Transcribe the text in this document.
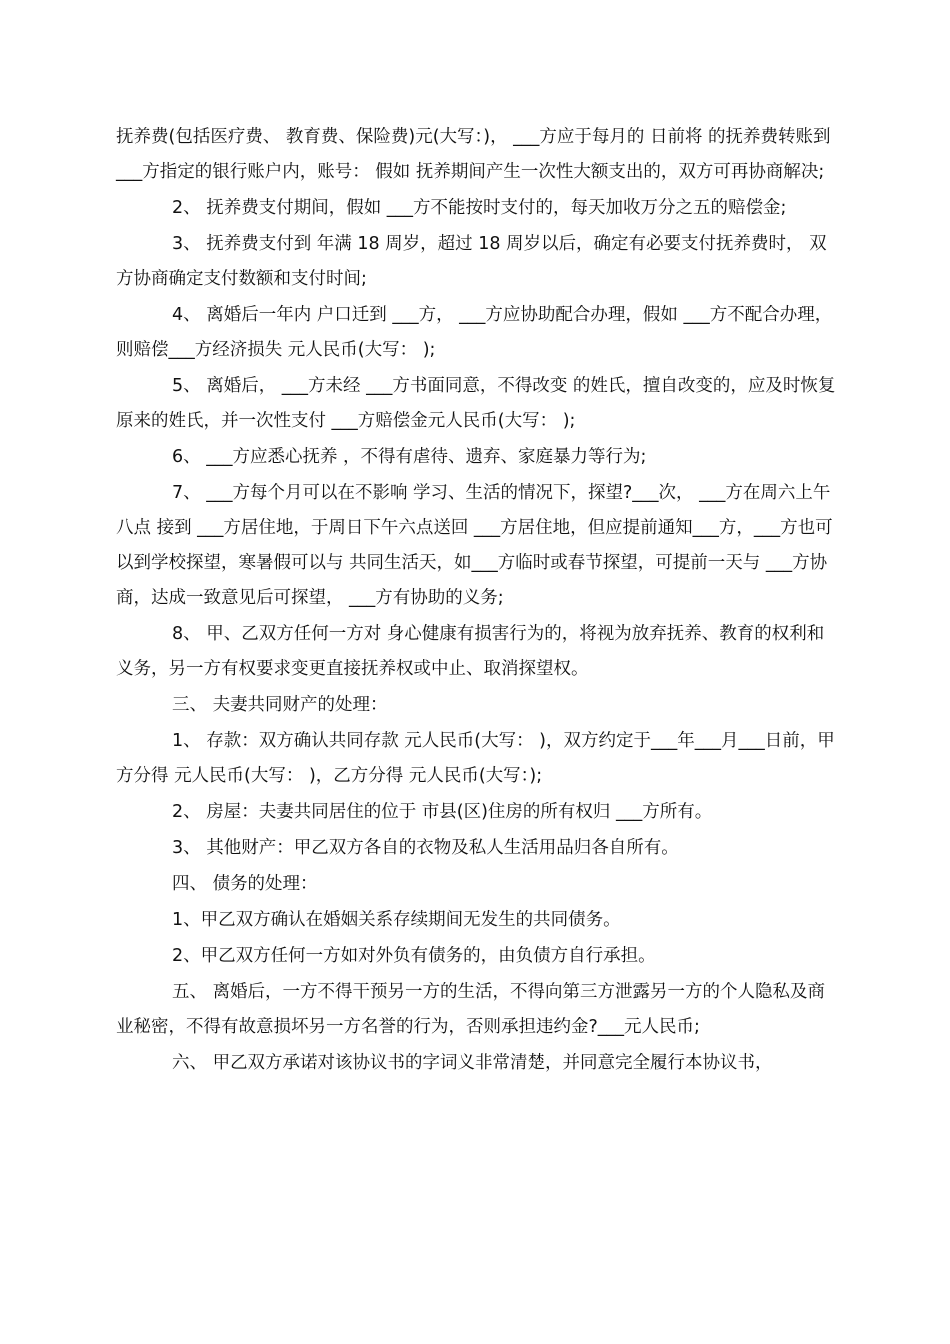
抚养费(包括医疗费、 教育费、保险费)元(大写：)， ___方应于每月的 日前将 的抚养费转账到___方指定的银行账户内，账号： 假如 抚养期间产生一次性大额支出的，双方可再协商解决;

2、 抚养费支付期间，假如 ___方不能按时支付的，每天加收万分之五的赔偿金;

3、 抚养费支付到 年满 18 周岁，超过 18 周岁以后，确定有必要支付抚养费时， 双方协商确定支付数额和支付时间;

4、 离婚后一年内 户口迁到 ___方， ___方应协助配合办理，假如 ___方不配合办理，则赔偿___方经济损失 元人民币(大写： );

5、 离婚后， ___方未经 ___方书面同意，不得改变 的姓氏，擅自改变的，应及时恢复原来的姓氏，并一次性支付 ___方赔偿金元人民币(大写： );

6、 ___方应悉心抚养 ，不得有虐待、遗弃、家庭暴力等行为;

7、 ___方每个月可以在不影响 学习、生活的情况下，探望?___次， ___方在周六上午八点 接到 ___方居住地，于周日下午六点送回 ___方居住地，但应提前通知___方，___方也可以到学校探望，寒暑假可以与 共同生活天，如___方临时或春节探望，可提前一天与 ___方协商，达成一致意见后可探望， ___方有协助的义务;

8、 甲、乙双方任何一方对 身心健康有损害行为的，将视为放弃抚养、教育的权利和义务，另一方有权要求变更直接抚养权或中止、取消探望权。

三、 夫妻共同财产的处理：

1、 存款：双方确认共同存款 元人民币(大写： )，双方约定于___年___月___日前，甲方分得 元人民币(大写： )，乙方分得 元人民币(大写：);

2、 房屋：夫妻共同居住的位于 市县(区)住房的所有权归 ___方所有。

3、 其他财产：甲乙双方各自的衣物及私人生活用品归各自所有。

四、 债务的处理：

1、甲乙双方确认在婚姻关系存续期间无发生的共同债务。

2、甲乙双方任何一方如对外负有债务的，由负债方自行承担。

五、 离婚后，一方不得干预另一方的生活，不得向第三方泄露另一方的个人隐私及商业秘密，不得有故意损坏另一方名誉的行为，否则承担违约金?___元人民币;

六、 甲乙双方承诺对该协议书的字词义非常清楚，并同意完全履行本协议书，
